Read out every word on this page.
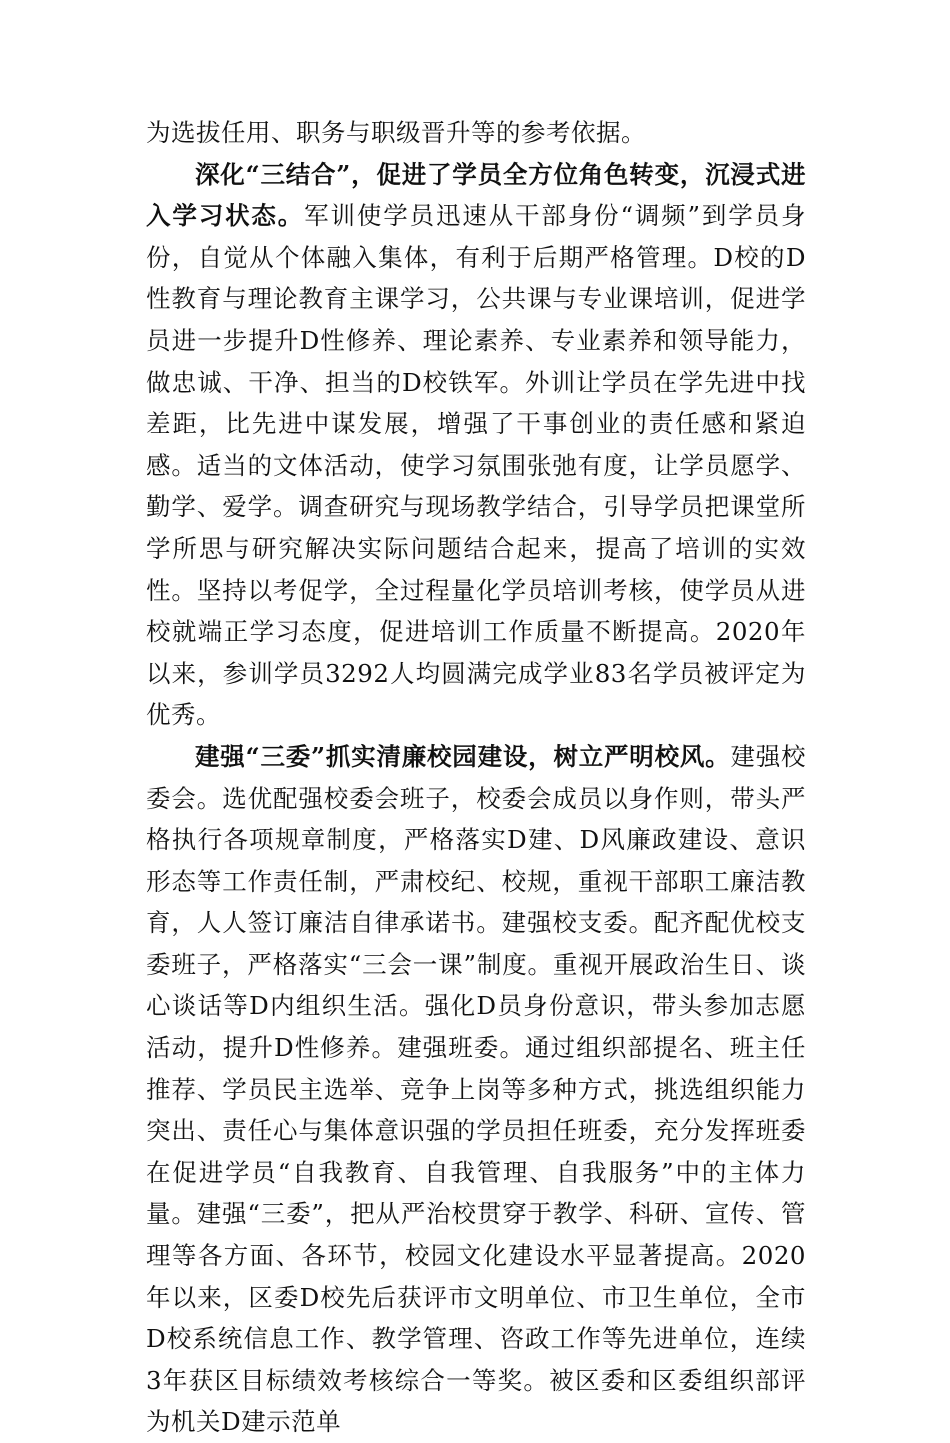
为选拔任用、职务与职级晋升等的参考依据。

深化“三结合”，促进了学员全方位角色转变，沉浸式进入学习状态。军训使学员迅速从干部身份“调频”到学员身份，自觉从个体融入集体，有利于后期严格管理。D校的D性教育与理论教育主课学习，公共课与专业课培训，促进学员进一步提升D性修养、理论素养、专业素养和领导能力，做忠诚、干净、担当的D校铁军。外训让学员在学先进中找差距，比先进中谋发展，增强了干事创业的责任感和紧迫感。适当的文体活动，使学习氛围张弛有度，让学员愿学、勤学、爱学。调查研究与现场教学结合，引导学员把课堂所学所思与研究解决实际问题结合起来，提高了培训的实效性。坚持以考促学，全过程量化学员培训考核，使学员从进校就端正学习态度，促进培训工作质量不断提高。2020年以来，参训学员3292人均圆满完成学业83名学员被评定为优秀。

建强“三委”抓实清廉校园建设，树立严明校风。建强校委会。选优配强校委会班子，校委会成员以身作则，带头严格执行各项规章制度，严格落实D建、D风廉政建设、意识形态等工作责任制，严肃校纪、校规，重视干部职工廉洁教育，人人签订廉洁自律承诺书。建强校支委。配齐配优校支委班子，严格落实“三会一课”制度。重视开展政治生日、谈心谈话等D内组织生活。强化D员身份意识，带头参加志愿活动，提升D性修养。建强班委。通过组织部提名、班主任推荐、学员民主选举、竞争上岗等多种方式，挑选组织能力突出、责任心与集体意识强的学员担任班委，充分发挥班委在促进学员“自我教育、自我管理、自我服务”中的主体力量。建强“三委”，把从严治校贯穿于教学、科研、宣传、管理等各方面、各环节，校园文化建设水平显著提高。2020年以来，区委D校先后获评市文明单位、市卫生单位，全市D校系统信息工作、教学管理、咨政工作等先进单位，连续3年获区目标绩效考核综合一等奖。被区委和区委组织部评为机关D建示范单
